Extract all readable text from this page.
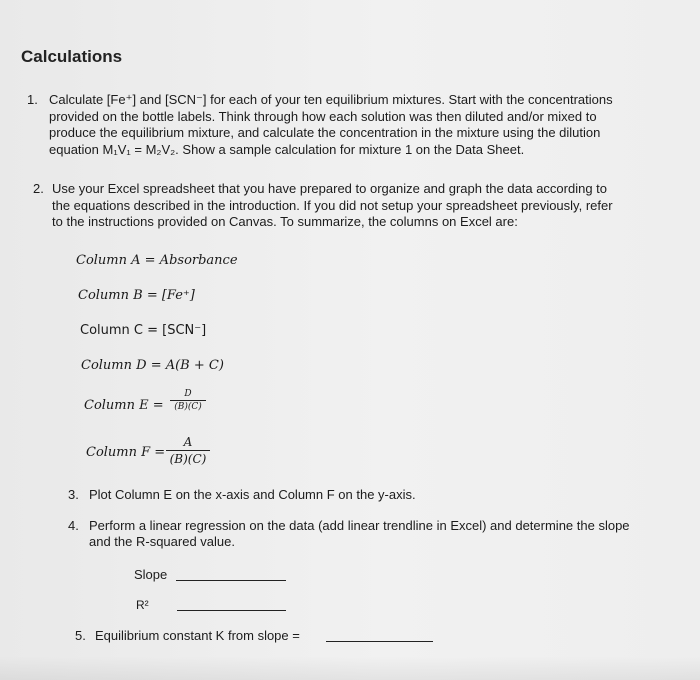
Calculations
1. Calculate [Fe⁺] and [SCN⁻] for each of your ten equilibrium mixtures. Start with the concentrations
provided on the bottle labels. Think through how each solution was then diluted and/or mixed to
produce the equilibrium mixture, and calculate the concentration in the mixture using the dilution
equation M₁V₁ = M₂V₂. Show a sample calculation for mixture 1 on the Data Sheet.
2. Use your Excel spreadsheet that you have prepared to organize and graph the data according to
the equations described in the introduction. If you did not setup your spreadsheet previously, refer
to the instructions provided on Canvas. To summarize, the columns on Excel are:
Column A = Absorbance
Column B = [Fe⁺]
Column C = [SCN⁻]
Column D = A(B + C)
Column E =
D
(B)(C)
Column F =
A
(B)(C)
3. Plot Column E on the x-axis and Column F on the y-axis.
4. Perform a linear regression on the data (add linear trendline in Excel) and determine the slope
and the R-squared value.
Slope
R²
5. Equilibrium constant K from slope =
